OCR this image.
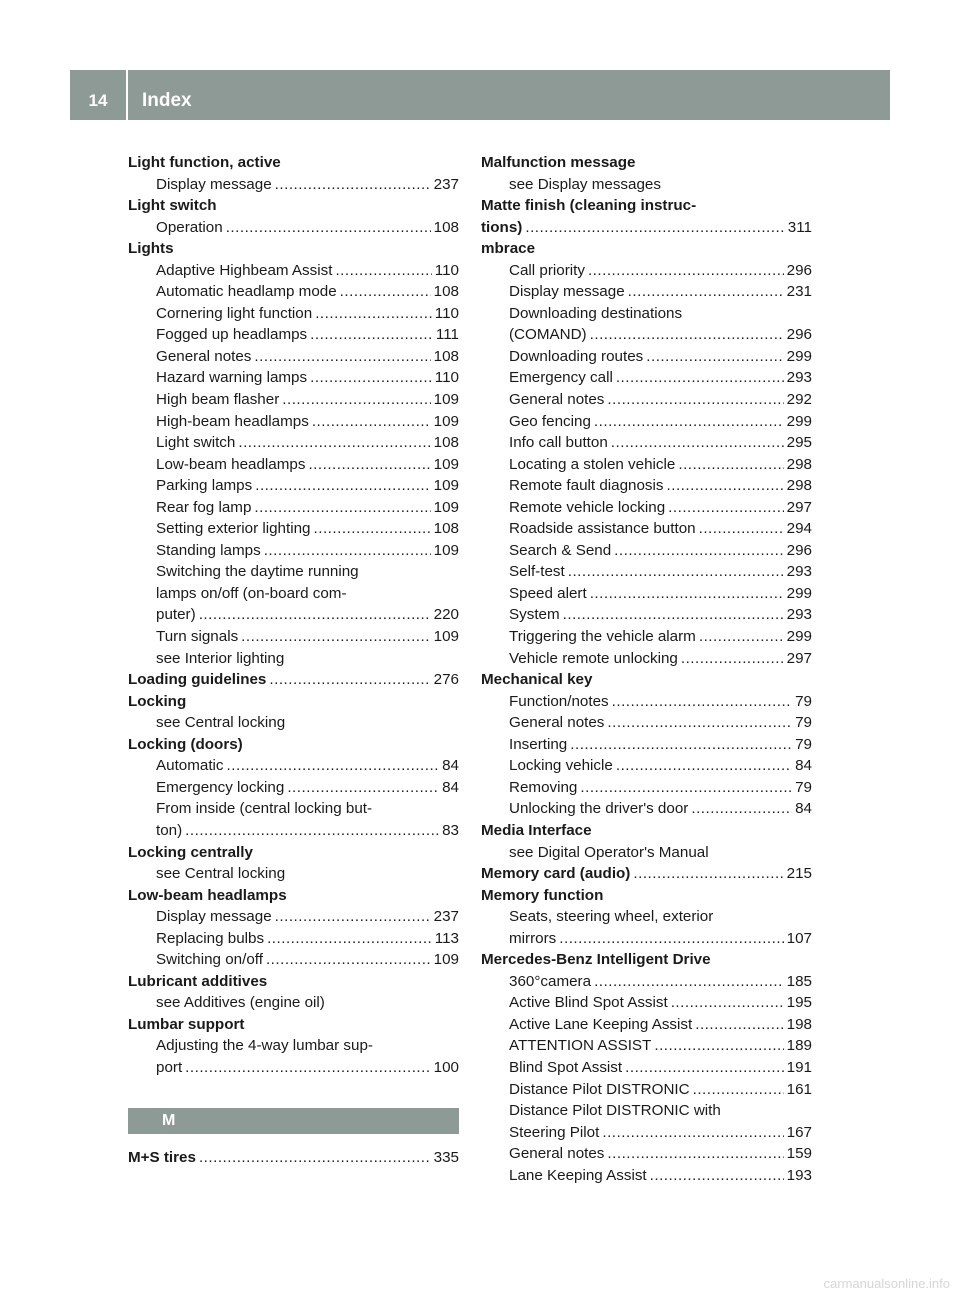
14	Index
Light function, active
Display message .....	237
Light switch
Operation .....	108
Lights
Adaptive Highbeam Assist .....	110
Automatic headlamp mode .....	108
Cornering light function .....	110
Fogged up headlamps .....	111
General notes .....	108
Hazard warning lamps .....	110
High beam flasher .....	109
High-beam headlamps .....	109
Light switch .....	108
Low-beam headlamps .....	109
Parking lamps .....	109
Rear fog lamp .....	109
Setting exterior lighting .....	108
Standing lamps .....	109
Switching the daytime running
lamps on/off (on-board com-
puter) .....	220
Turn signals .....	109
see Interior lighting
Loading guidelines .....	276
Locking
see Central locking
Locking (doors)
Automatic .....	84
Emergency locking .....	84
From inside (central locking but-
ton) .....	83
Locking centrally
see Central locking
Low-beam headlamps
Display message .....	237
Replacing bulbs .....	113
Switching on/off .....	109
Lubricant additives
see Additives (engine oil)
Lumbar support
Adjusting the 4-way lumbar sup-
port .....	100
M
M+S tires .....	335
Malfunction message
see Display messages
Matte finish (cleaning instruc-
tions) .....	311
mbrace
Call priority .....	296
Display message .....	231
Downloading destinations
(COMAND) .....	296
Downloading routes .....	299
Emergency call .....	293
General notes .....	292
Geo fencing .....	299
Info call button .....	295
Locating a stolen vehicle .....	298
Remote fault diagnosis .....	298
Remote vehicle locking .....	297
Roadside assistance button .....	294
Search & Send .....	296
Self-test .....	293
Speed alert .....	299
System .....	293
Triggering the vehicle alarm .....	299
Vehicle remote unlocking .....	297
Mechanical key
Function/notes .....	79
General notes .....	79
Inserting .....	79
Locking vehicle .....	84
Removing .....	79
Unlocking the driver's door .....	84
Media Interface
see Digital Operator's Manual
Memory card (audio) .....	215
Memory function
Seats, steering wheel, exterior
mirrors .....	107
Mercedes-Benz Intelligent Drive
360°camera .....	185
Active Blind Spot Assist .....	195
Active Lane Keeping Assist .....	198
ATTENTION ASSIST .....	189
Blind Spot Assist .....	191
Distance Pilot DISTRONIC .....	161
Distance Pilot DISTRONIC with
Steering Pilot .....	167
General notes .....	159
Lane Keeping Assist .....	193
carmanualsonline.info
